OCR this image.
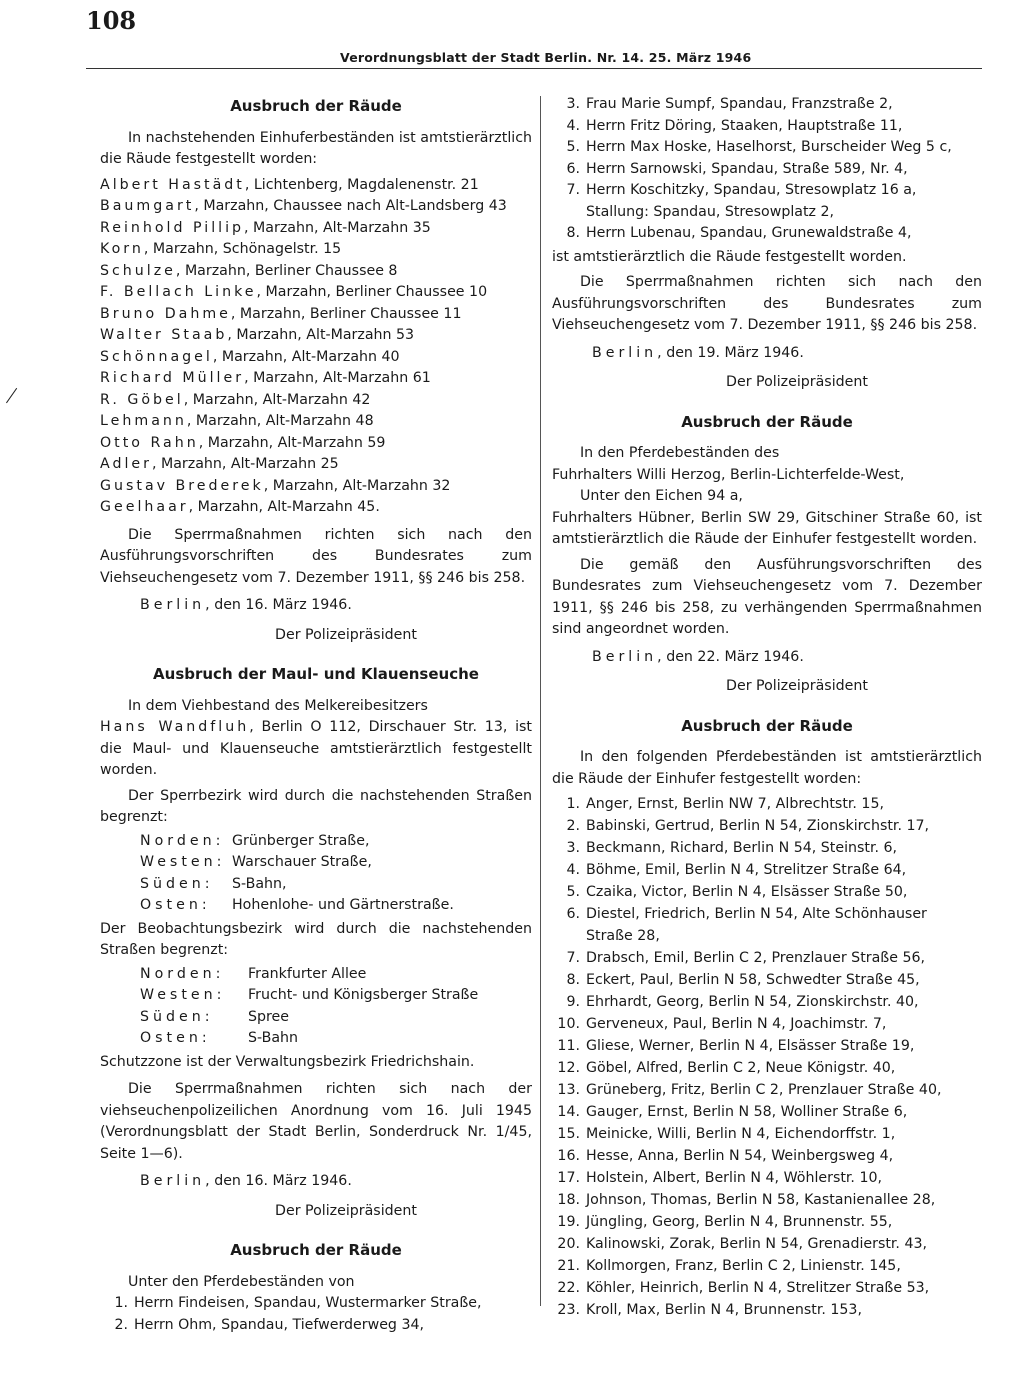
108
Verordnungsblatt der Stadt Berlin. Nr. 14. 25. März 1946
Ausbruch der Räude

In nachstehenden Einhuferbeständen ist amtstierärztlich die Räude festgestellt worden:

Albert Hastädt, Lichtenberg, Magdalenenstr. 21
Baumgart, Marzahn, Chaussee nach Alt-Landsberg 43
Reinhold Pillip, Marzahn, Alt-Marzahn 35
Korn, Marzahn, Schönagelstr. 15
Schulze, Marzahn, Berliner Chaussee 8
F. Bellach Linke, Marzahn, Berliner Chaussee 10
Bruno Dahme, Marzahn, Berliner Chaussee 11
Walter Staab, Marzahn, Alt-Marzahn 53
Schönnagel, Marzahn, Alt-Marzahn 40
Richard Müller, Marzahn, Alt-Marzahn 61
R. Göbel, Marzahn, Alt-Marzahn 42
Lehmann, Marzahn, Alt-Marzahn 48
Otto Rahn, Marzahn, Alt-Marzahn 59
Adler, Marzahn, Alt-Marzahn 25
Gustav Brederek, Marzahn, Alt-Marzahn 32
Geelhaar, Marzahn, Alt-Marzahn 45.

Die Sperrmaßnahmen richten sich nach den Ausführungsvorschriften des Bundesrates zum Viehseuchengesetz vom 7. Dezember 1911, §§ 246 bis 258.

Berlin, den 16. März 1946.
Der Polizeipräsident
Ausbruch der Maul- und Klauenseuche

In dem Viehbestand des Melkereibesitzers
Hans Wandfluh, Berlin O 112, Dirschauer Str. 13, ist die Maul- und Klauenseuche amtstierärztlich festgestellt worden.

Der Sperrbezirk wird durch die nachstehenden Straßen begrenzt:

Norden: Grünberger Straße,
Westen: Warschauer Straße,
Süden:	S-Bahn,
Osten:	Hohenlohe- und Gärtnerstraße.

Der Beobachtungsbezirk wird durch die nachstehenden Straßen begrenzt:

Norden:	Frankfurter Allee
Westen:	Frucht- und Königsberger Straße
Süden:	Spree
Osten:	S-Bahn

Schutzzone ist der Verwaltungsbezirk Friedrichshain.

Die Sperrmaßnahmen richten sich nach der viehseuchenpolizeilichen Anordnung vom 16. Juli 1945 (Verordnungsblatt der Stadt Berlin, Sonderdruck Nr. 1/45, Seite 1—6).

Berlin, den 16. März 1946.
Der Polizeipräsident
Ausbruch der Räude

Unter den Pferdebeständen von

1. Herrn Findeisen, Spandau, Wustermarker Straße,
2. Herrn Ohm, Spandau, Tiefwerderweg 34,
3. Frau Marie Sumpf, Spandau, Franzstraße 2,
4. Herrn Fritz Döring, Staaken, Hauptstraße 11,
5. Herrn Max Hoske, Haselhorst, Burscheider Weg 5 c,
6. Herrn Sarnowski, Spandau, Straße 589, Nr. 4,
7. Herrn Koschitzky, Spandau, Stresowplatz 16 a,
Stallung: Spandau, Stresowplatz 2,
8. Herrn Lubenau, Spandau, Grunewaldstraße 4,

ist amtstierärztlich die Räude festgestellt worden.

Die Sperrmaßnahmen richten sich nach den Ausführungsvorschriften des Bundesrates zum Viehseuchengesetz vom 7. Dezember 1911, §§ 246 bis 258.

Berlin, den 19. März 1946.
Der Polizeipräsident
Ausbruch der Räude

In den Pferdebeständen des

Fuhrhalters Willi Herzog, Berlin-Lichterfelde-West,

Unter den Eichen 94 a,

Fuhrhalters Hübner, Berlin SW 29, Gitschiner Straße 60, ist amtstierärztlich die Räude der Einhufer festgestellt worden.

Die gemäß den Ausführungsvorschriften des Bundesrates zum Viehseuchengesetz vom 7. Dezember 1911, §§ 246 bis 258, zu verhängenden Sperrmaßnahmen sind angeordnet worden.

Berlin, den 22. März 1946.
Der Polizeipräsident
Ausbruch der Räude

In den folgenden Pferdebeständen ist amtstierärztlich die Räude der Einhufer festgestellt worden:

1. Anger, Ernst, Berlin NW 7, Albrechtstr. 15,
2. Babinski, Gertrud, Berlin N 54, Zionskirchstr. 17,
3. Beckmann, Richard, Berlin N 54, Steinstr. 6,
4. Böhme, Emil, Berlin N 4, Strelitzer Straße 64,
5. Czaika, Victor, Berlin N 4, Elsässer Straße 50,
6. Diestel, Friedrich, Berlin N 54, Alte Schönhauser
Straße 28,
7. Drabsch, Emil, Berlin C 2, Prenzlauer Straße 56,
8. Eckert, Paul, Berlin N 58, Schwedter Straße 45,
9. Ehrhardt, Georg, Berlin N 54, Zionskirchstr. 40,
10. Gerveneux, Paul, Berlin N 4, Joachimstr. 7,
11. Gliese, Werner, Berlin N 4, Elsässer Straße 19,
12. Göbel, Alfred, Berlin C 2, Neue Königstr. 40,
13. Grüneberg, Fritz, Berlin C 2, Prenzlauer Straße 40,
14. Gauger, Ernst, Berlin N 58, Wolliner Straße 6,
15. Meinicke, Willi, Berlin N 4, Eichendorffstr. 1,
16. Hesse, Anna, Berlin N 54, Weinbergsweg 4,
17. Holstein, Albert, Berlin N 4, Wöhlerstr. 10,
18. Johnson, Thomas, Berlin N 58, Kastanienallee 28,
19. Jüngling, Georg, Berlin N 4, Brunnenstr. 55,
20. Kalinowski, Zorak, Berlin N 54, Grenadierstr. 43,
21. Kollmorgen, Franz, Berlin C 2, Linienstr. 145,
22. Köhler, Heinrich, Berlin N 4, Strelitzer Straße 53,
23. Kroll, Max, Berlin N 4, Brunnenstr. 153,
